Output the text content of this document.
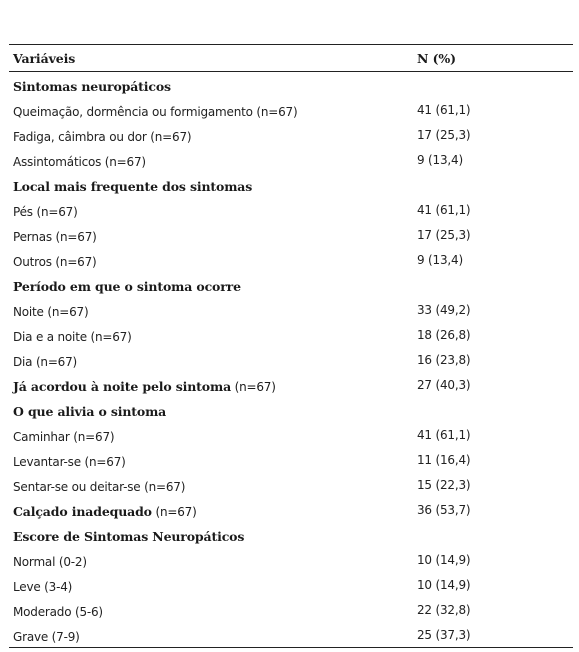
Variáveis	N (%)
Sintomas neuropáticos
Queimação, dormência ou formigamento (n=67)	41 (61,1)
Fadiga, câimbra ou dor (n=67)	17 (25,3)
Assintomáticos (n=67)	9 (13,4)
Local mais frequente dos sintomas
Pés (n=67)	41 (61,1)
Pernas (n=67)	17 (25,3)
Outros (n=67)	9 (13,4)
Período em que o sintoma ocorre
Noite (n=67)	33 (49,2)
Dia e a noite (n=67)	18 (26,8)
Dia (n=67)	16 (23,8)
Já acordou à noite pelo sintoma (n=67)	27 (40,3)
O que alivia o sintoma
Caminhar (n=67)	41 (61,1)
Levantar-se (n=67)	11 (16,4)
Sentar-se ou deitar-se (n=67)	15 (22,3)
Calçado inadequado (n=67)	36 (53,7)
Escore de Sintomas Neuropáticos
Normal (0-2)	10 (14,9)
Leve (3-4)	10 (14,9)
Moderado (5-6)	22 (32,8)
Grave (7-9)	25 (37,3)
